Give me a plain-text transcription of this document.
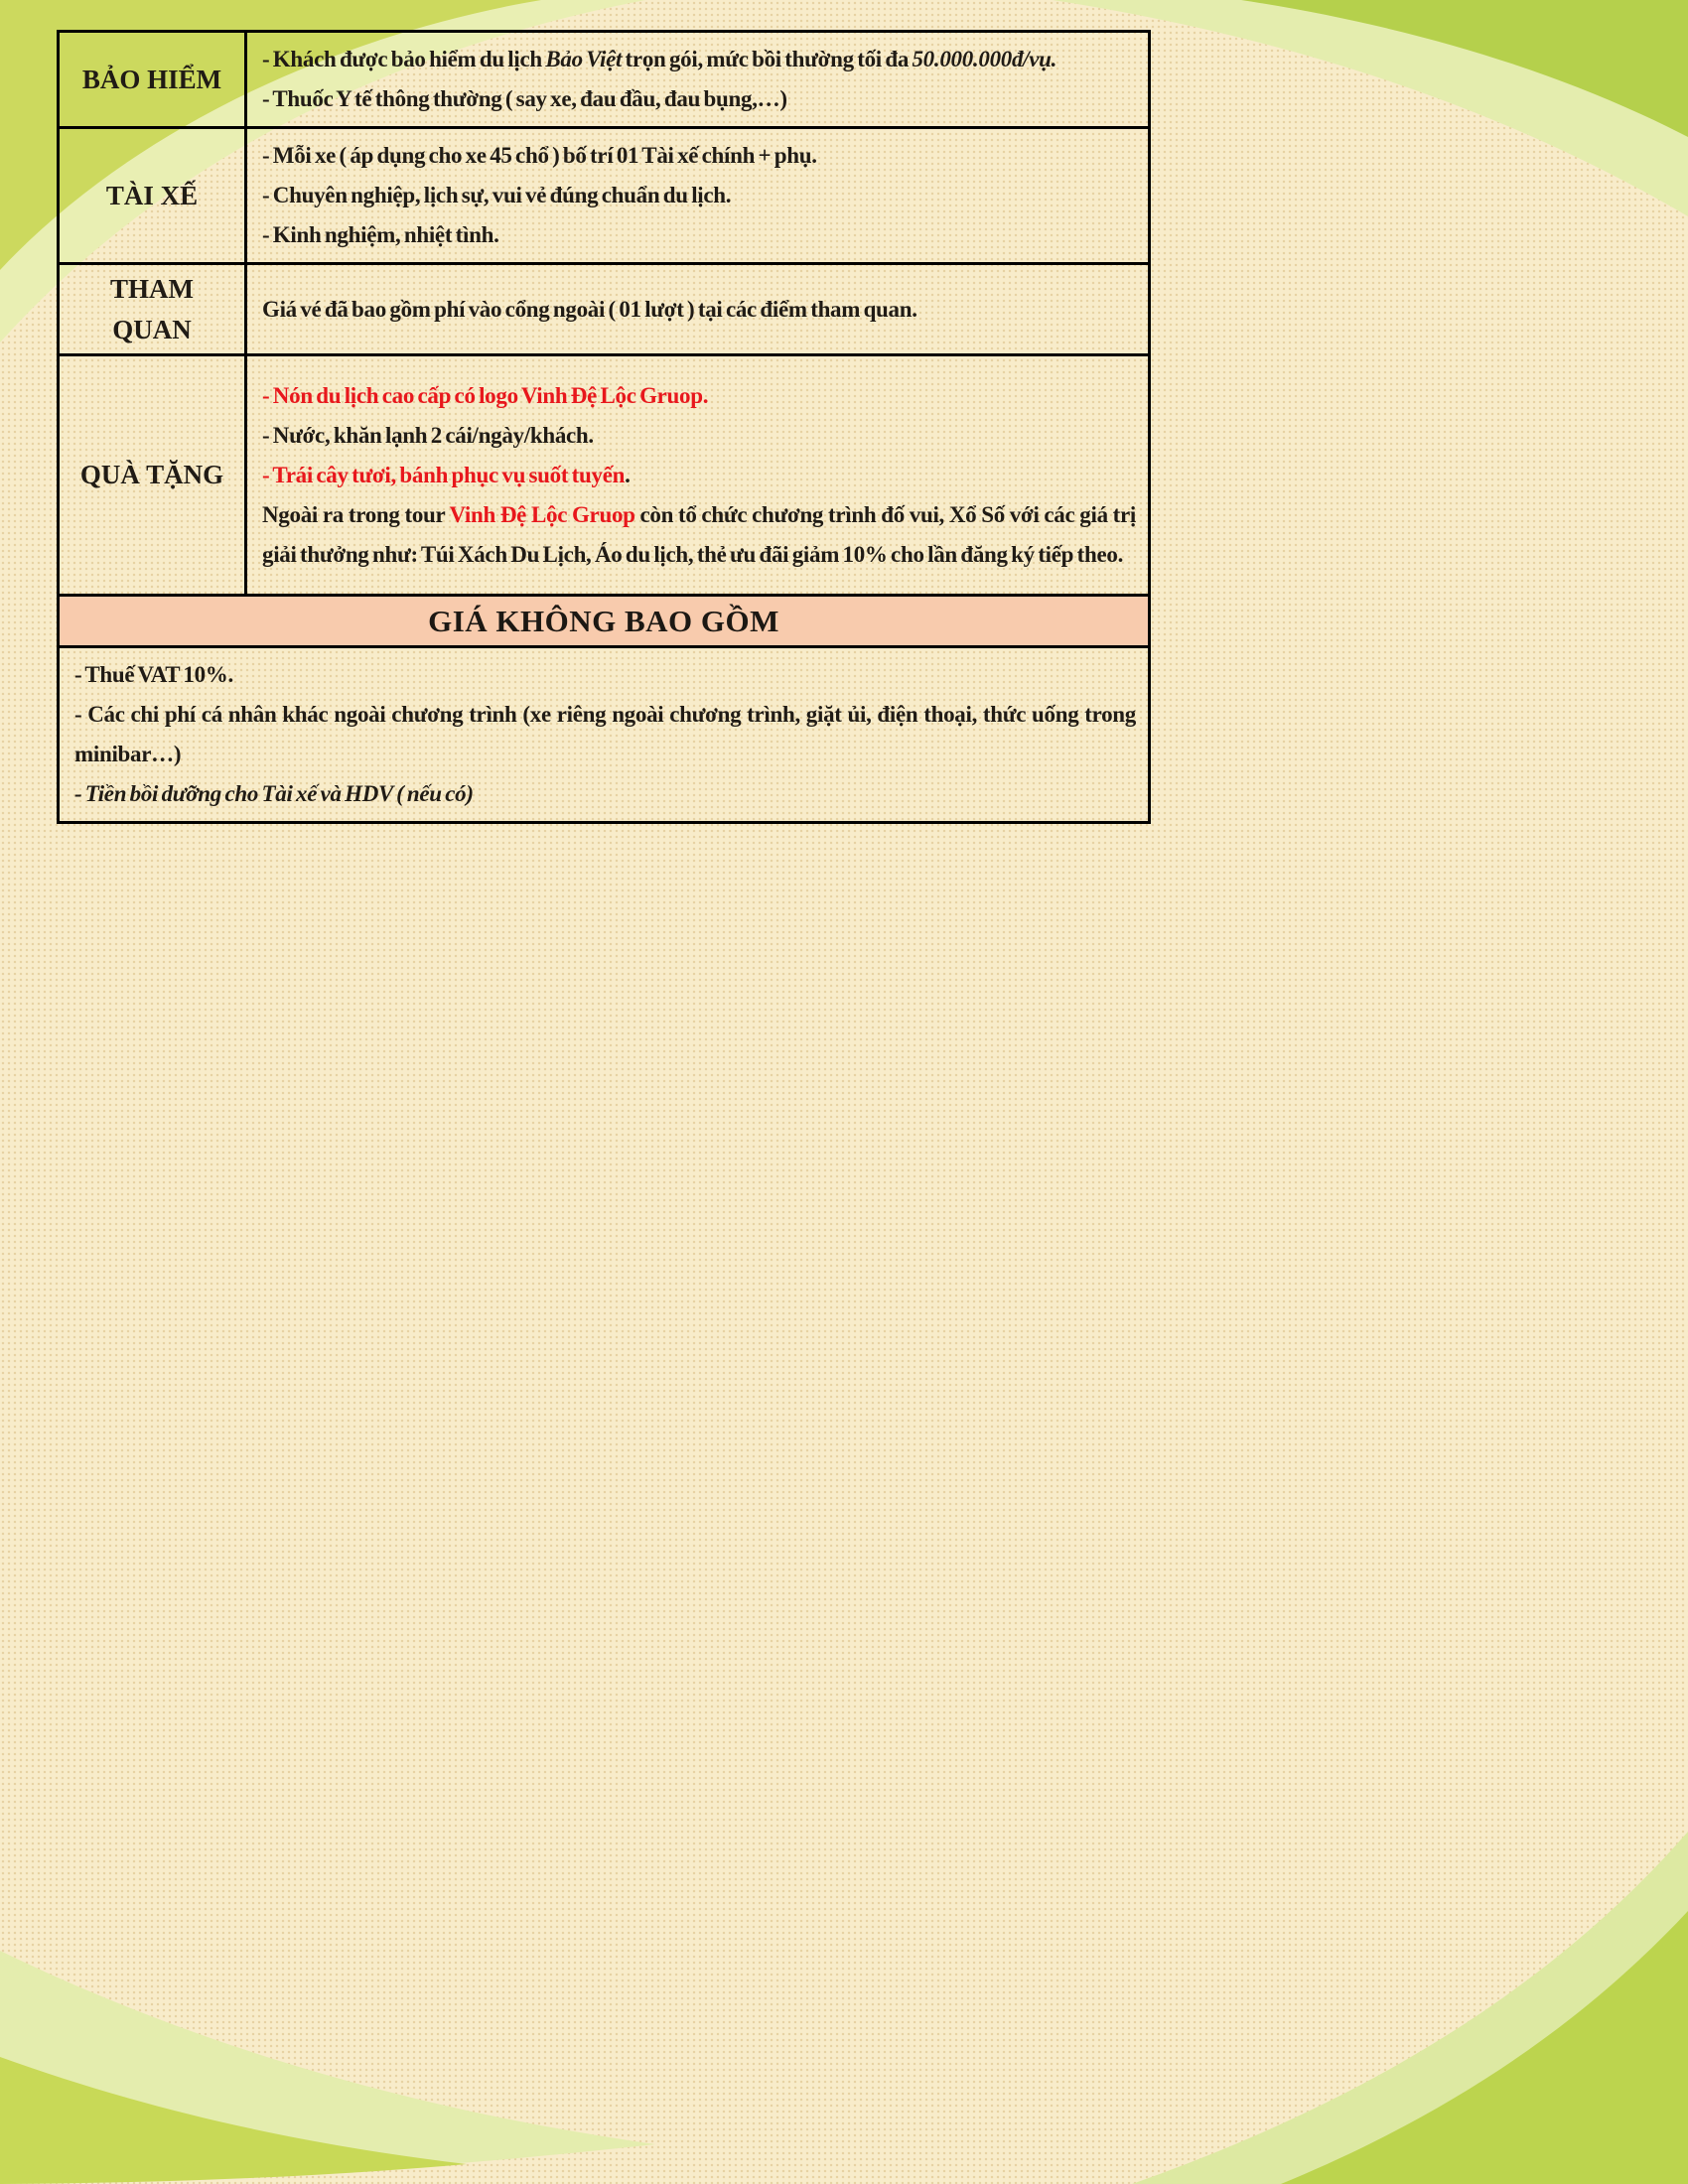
BẢO HIỂM	- Khách được bảo hiểm du lịch Bảo Việt trọn gói, mức bồi thường tối đa 50.000.000đ/vụ.

- Thuốc Y tế thông thường ( say xe, đau đầu, đau bụng,…)

TÀI XẾ	- Mỗi xe ( áp dụng cho xe 45 chổ ) bố trí 01 Tài xế chính + phụ.

- Chuyên nghiệp, lịch sự, vui vẻ đúng chuẩn du lịch.

- Kinh nghiệm, nhiệt tình.

THAM QUAN	Giá vé đã bao gồm phí vào cổng ngoài ( 01 lượt ) tại các điểm tham quan.

QUÀ TẶNG	- Nón du lịch cao cấp có logo Vinh Đệ Lộc Gruop.

- Nước, khăn lạnh 2 cái/ngày/khách.

- Trái cây tươi, bánh phục vụ suốt tuyến.

Ngoài ra trong tour Vinh Đệ Lộc Gruop còn tổ chức chương trình đố vui, Xổ Số với các giá trị giải thưởng như: Túi Xách Du Lịch, Áo du lịch, thẻ ưu đãi giảm 10% cho lần đăng ký tiếp theo.

GIÁ KHÔNG BAO GỒM	

- Thuế VAT 10%.

- Các chi phí cá nhân khác ngoài chương trình (xe riêng ngoài chương trình, giặt ủi, điện thoại, thức uống trong minibar…)

- Tiền bồi dưỡng cho Tài xế và HDV ( nếu có)	
